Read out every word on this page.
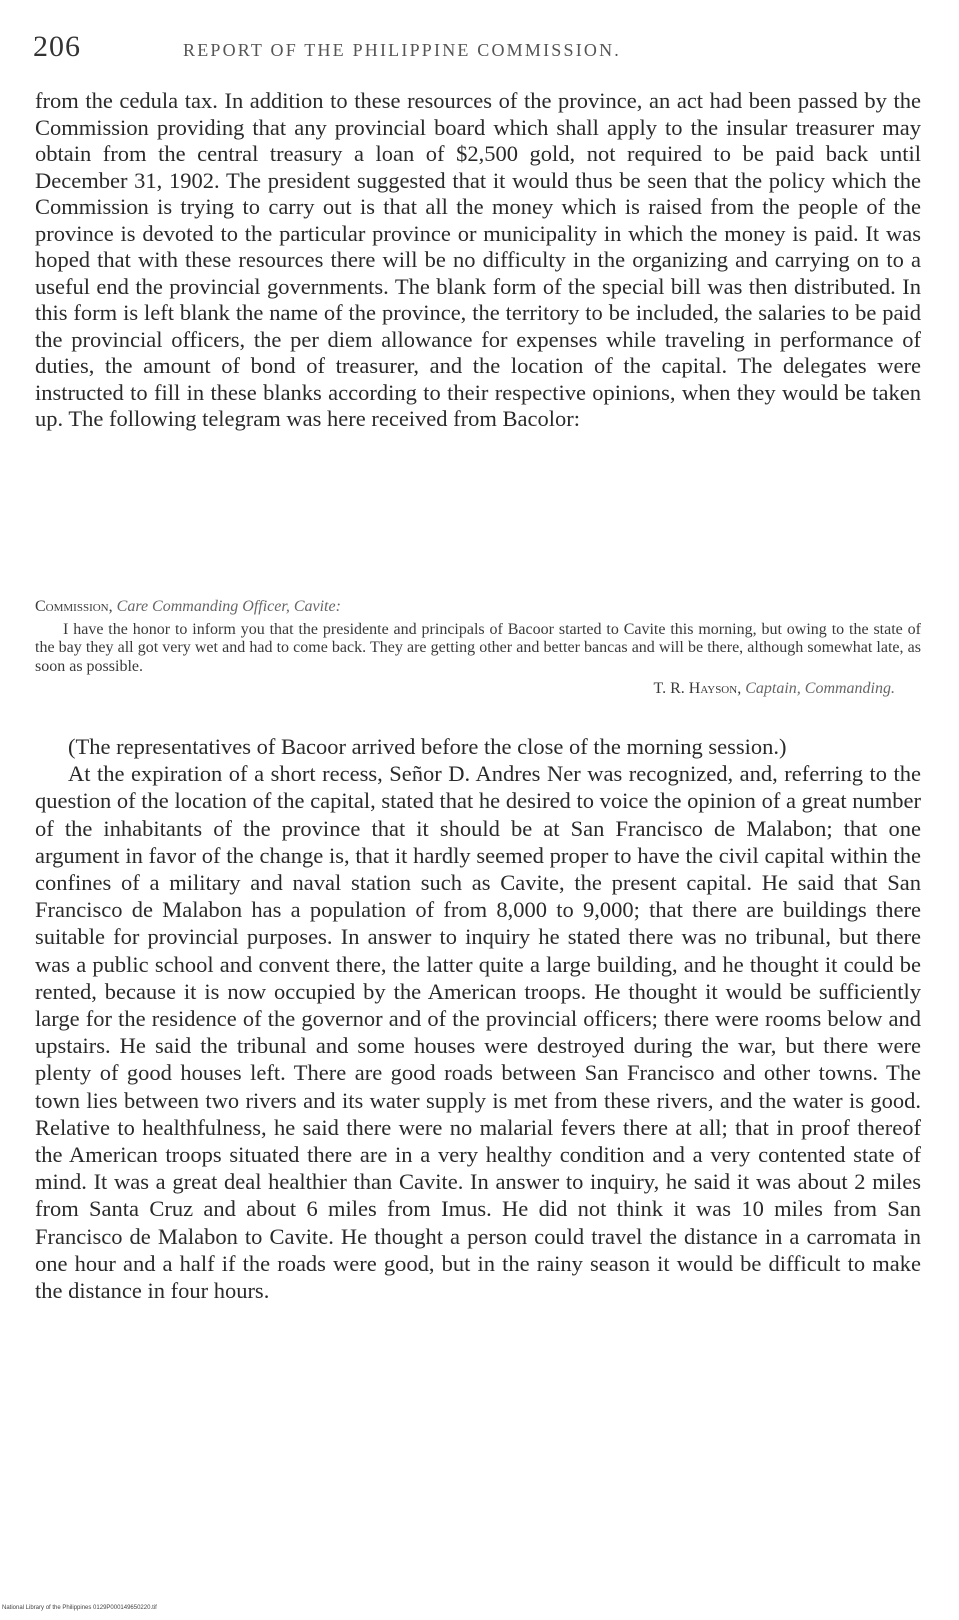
206	REPORT OF THE PHILIPPINE COMMISSION.

from the cedula tax. In addition to these resources of the province, an act had been passed by the Commission providing that any provincial board which shall apply to the insular treasurer may obtain from the central treasury a loan of $2,500 gold, not required to be paid back until December 31, 1902. The president suggested that it would thus be seen that the policy which the Commission is trying to carry out is that all the money which is raised from the people of the province is devoted to the particular province or municipality in which the money is paid. It was hoped that with these resources there will be no difficulty in the organizing and carrying on to a useful end the provincial governments. The blank form of the special bill was then distributed. In this form is left blank the name of the province, the territory to be included, the salaries to be paid the provincial officers, the per diem allowance for expenses while traveling in performance of duties, the amount of bond of treasurer, and the location of the capital. The delegates were instructed to fill in these blanks according to their respective opinions, when they would be taken up. The following telegram was here received from Bacolor:

Commission, Care Commanding Officer, Cavite:

I have the honor to inform you that the presidente and principals of Bacoor started to Cavite this morning, but owing to the state of the bay they all got very wet and had to come back. They are getting other and better bancas and will be there, although somewhat late, as soon as possible.

T. R. Hayson, Captain, Commanding.

(The representatives of Bacoor arrived before the close of the morning session.)

At the expiration of a short recess, Señor D. Andres Ner was recognized, and, referring to the question of the location of the capital, stated that he desired to voice the opinion of a great number of the inhabitants of the province that it should be at San Francisco de Malabon; that one argument in favor of the change is, that it hardly seemed proper to have the civil capital within the confines of a military and naval station such as Cavite, the present capital. He said that San Francisco de Malabon has a population of from 8,000 to 9,000; that there are buildings there suitable for provincial purposes. In answer to inquiry he stated there was no tribunal, but there was a public school and convent there, the latter quite a large building, and he thought it could be rented, because it is now occupied by the American troops. He thought it would be sufficiently large for the residence of the governor and of the provincial officers; there were rooms below and upstairs. He said the tribunal and some houses were destroyed during the war, but there were plenty of good houses left. There are good roads between San Francisco and other towns. The town lies between two rivers and its water supply is met from these rivers, and the water is good. Relative to healthfulness, he said there were no malarial fevers there at all; that in proof thereof the American troops situated there are in a very healthy condition and a very contented state of mind. It was a great deal healthier than Cavite. In answer to inquiry, he said it was about 2 miles from Santa Cruz and about 6 miles from Imus. He did not think it was 10 miles from San Francisco de Malabon to Cavite. He thought a person could travel the distance in a carromata in one hour and a half if the roads were good, but in the rainy season it would be difficult to make the distance in four hours.

National Library of the Philippines 0129P000149650220.tif
